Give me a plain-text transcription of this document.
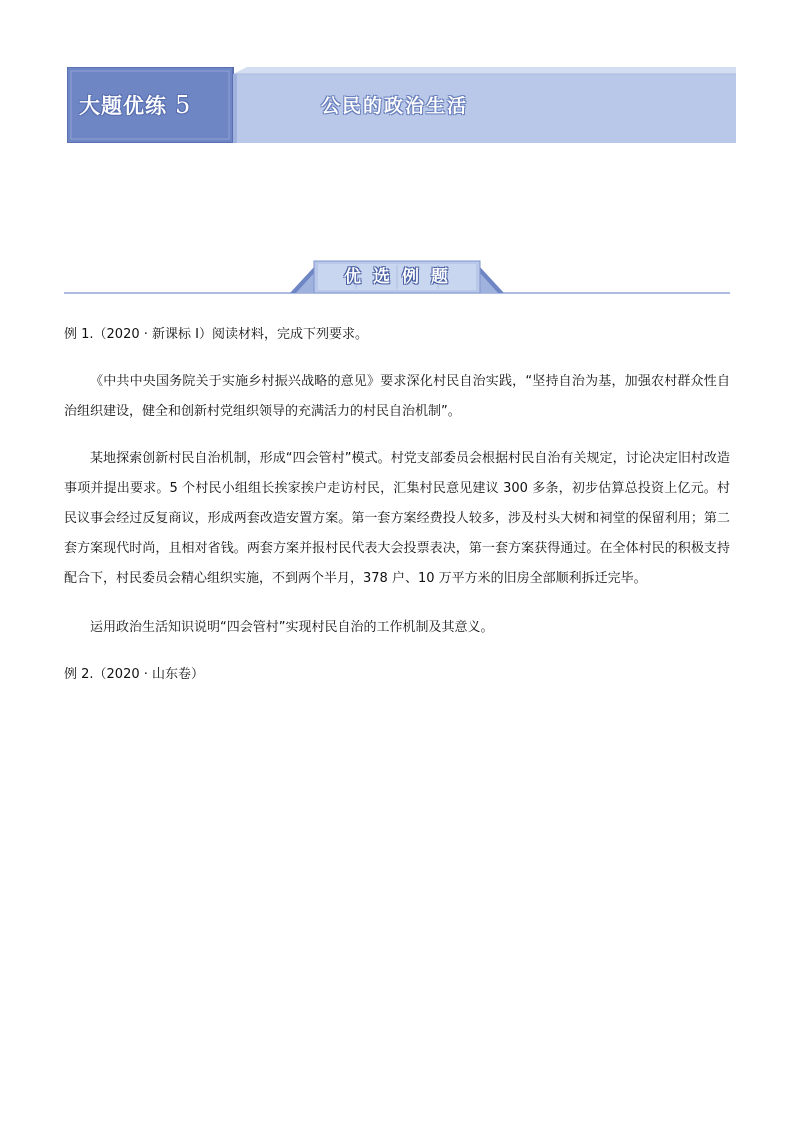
大题优练 5	公民的政治生活
优选例题

例 1.（2020 · 新课标 I）阅读材料，完成下列要求。

《中共中央国务院关于实施乡村振兴战略的意见》要求深化村民自治实践，“坚持自治为基，加强农村群众性自治组织建设，健全和创新村党组织领导的充满活力的村民自治机制”。

某地探索创新村民自治机制，形成“四会管村”模式。村党支部委员会根据村民自治有关规定，讨论决定旧村改造事项并提出要求。5 个村民小组组长挨家挨户走访村民，汇集村民意见建议 300 多条，初步估算总投资上亿元。村民议事会经过反复商议，形成两套改造安置方案。第一套方案经费投人较多，涉及村头大树和祠堂的保留利用；第二套方案现代时尚，且相对省钱。两套方案并报村民代表大会投票表决，第一套方案获得通过。在全体村民的积极支持配合下，村民委员会精心组织实施，不到两个半月，378 户、10 万平方米的旧房全部顺利拆迁完毕。

运用政治生活知识说明“四会管村”实现村民自治的工作机制及其意义。

例 2.（2020 · 山东卷）
